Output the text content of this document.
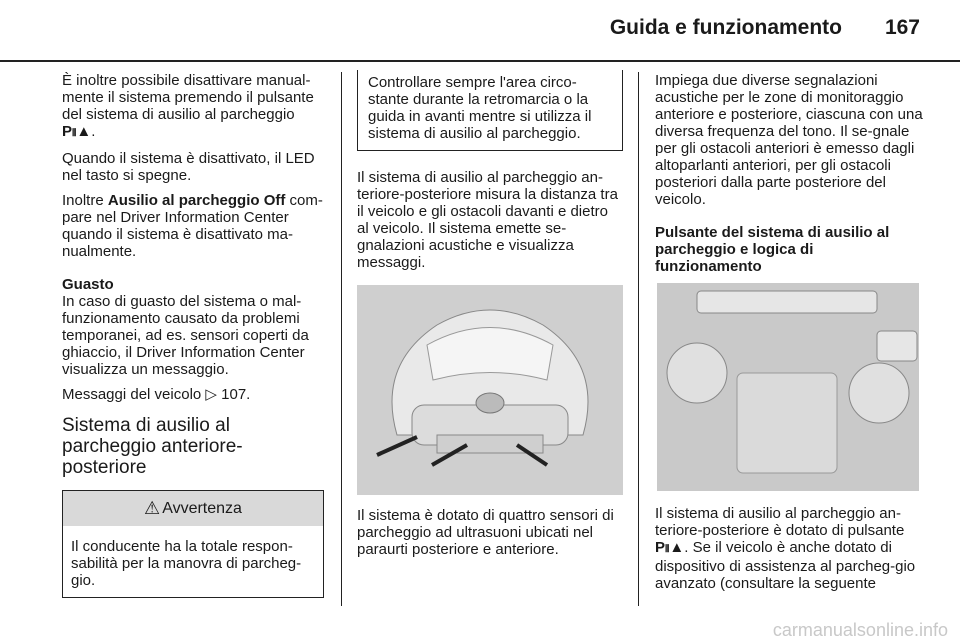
Guida e funzionamento 167

È inoltre possibile disattivare manual-mente il sistema premendo il pulsante del sistema di ausilio al parcheggio P⦀▲.

Quando il sistema è disattivato, il LED nel tasto si spegne.

Inoltre Ausilio al parcheggio Off com-pare nel Driver Information Center quando il sistema è disattivato ma-nualmente.

Guasto

In caso di guasto del sistema o mal-funzionamento causato da problemi temporanei, ad es. sensori coperti da ghiaccio, il Driver Information Center visualizza un messaggio.

Messaggi del veicolo ▷ 107.

Sistema di ausilio al parcheggio anteriore-posteriore
⚠ Avvertenza
Il conducente ha la totale respon-sabilità per la manovra di parcheg-gio.
Controllare sempre l'area circo-stante durante la retromarcia o la guida in avanti mentre si utilizza il sistema di ausilio al parcheggio.

Il sistema di ausilio al parcheggio an-teriore-posteriore misura la distanza tra il veicolo e gli ostacoli davanti e dietro al veicolo. Il sistema emette se-gnalazioni acustiche e visualizza messaggi.

Il sistema è dotato di quattro sensori di parcheggio ad ultrasuoni ubicati nel paraurti posteriore e anteriore.

Impiega due diverse segnalazioni acustiche per le zone di monitoraggio anteriore e posteriore, ciascuna con una diversa frequenza del tono. Il se-gnale per gli ostacoli anteriori è emesso dagli altoparlanti anteriori, per gli ostacoli posteriori dalla parte posteriore del veicolo.

Pulsante del sistema di ausilio al parcheggio e logica di funzionamento

Il sistema di ausilio al parcheggio an-teriore-posteriore è dotato di pulsante P⦀▲. Se il veicolo è anche dotato di dispositivo di assistenza al parcheg-gio avanzato (consultare la seguente

carmanualsonline.info
